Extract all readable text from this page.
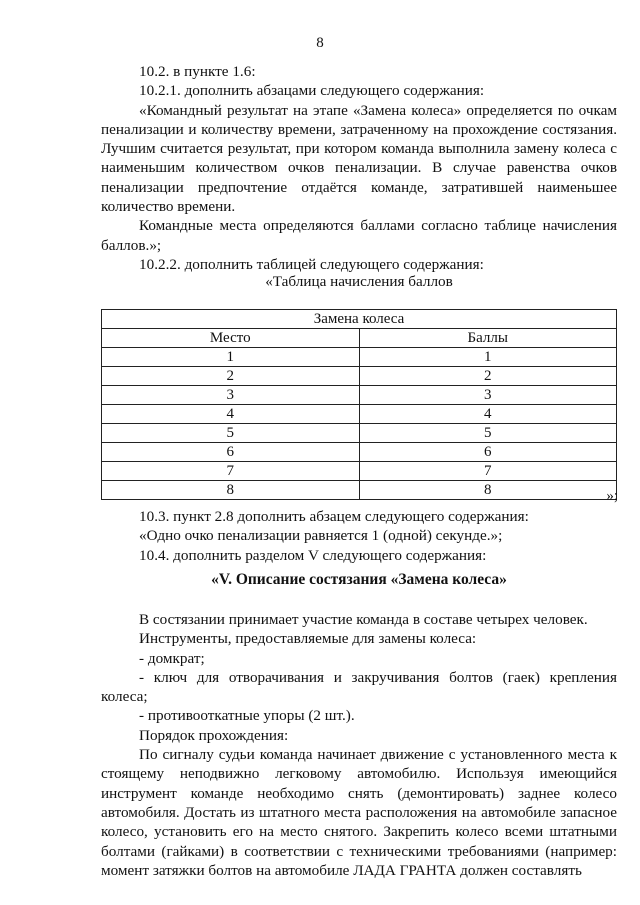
8

10.2. в пункте 1.6:

10.2.1. дополнить абзацами следующего содержания:

«Командный результат на этапе «Замена колеса» определяется по очкам пенализации и количеству времени, затраченному на прохождение состязания. Лучшим считается результат, при котором команда выполнила замену колеса с наименьшим количеством очков пенализации. В случае равенства очков пенализации предпочтение отдаётся команде, затратившей наименьшее количество времени.

Командные места определяются баллами согласно таблице начисления баллов.»;

10.2.2. дополнить таблицей следующего содержания:

«Таблица начисления баллов
Замена колеса	
Место	Баллы
1	1
2	2
3	3
4	4
5	5
6	6
7	7
8	8	»;

10.3. пункт 2.8 дополнить абзацем следующего содержания:

«Одно очко пенализации равняется 1 (одной) секунде.»;

10.4. дополнить разделом V следующего содержания:

«V. Описание состязания «Замена колеса»

В состязании принимает участие команда в составе четырех человек.

Инструменты, предоставляемые для замены колеса:

- домкрат;

- ключ для отворачивания и закручивания болтов (гаек) крепления колеса;

- противооткатные упоры (2 шт.).

Порядок прохождения:

По сигналу судьи команда начинает движение с установленного места к стоящему неподвижно легковому автомобилю. Используя имеющийся инструмент команде необходимо снять (демонтировать) заднее колесо автомобиля. Достать из штатного места расположения на автомобиле запасное колесо, установить его на место снятого. Закрепить колесо всеми штатными болтами (гайками) в соответствии с техническими требованиями (например: момент затяжки болтов на автомобиле ЛАДА ГРАНТА должен составлять
